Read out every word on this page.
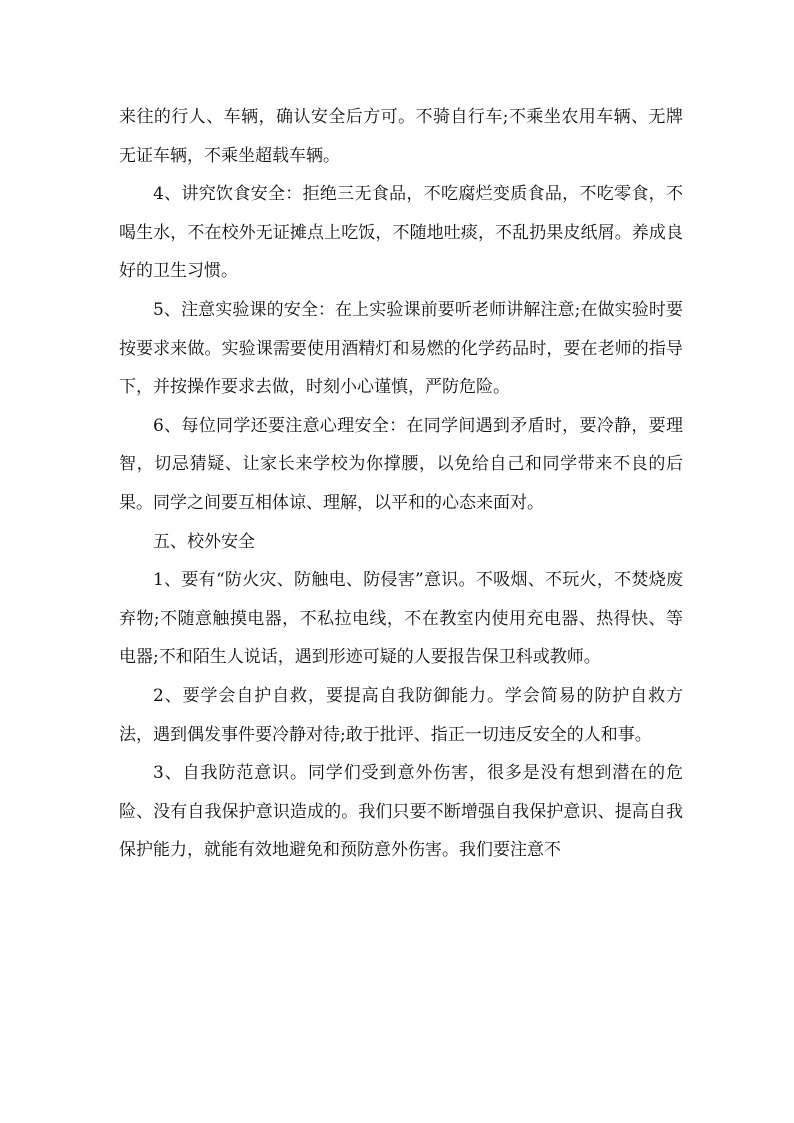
来往的行人、车辆，确认安全后方可。不骑自行车;不乘坐农用车辆、无牌无证车辆，不乘坐超载车辆。

4、讲究饮食安全：拒绝三无食品，不吃腐烂变质食品，不吃零食，不喝生水，不在校外无证摊点上吃饭，不随地吐痰，不乱扔果皮纸屑。养成良好的卫生习惯。

5、注意实验课的安全：在上实验课前要听老师讲解注意;在做实验时要按要求来做。实验课需要使用酒精灯和易燃的化学药品时，要在老师的指导下，并按操作要求去做，时刻小心谨慎，严防危险。

6、每位同学还要注意心理安全：在同学间遇到矛盾时，要冷静，要理智，切忌猜疑、让家长来学校为你撑腰，以免给自己和同学带来不良的后果。同学之间要互相体谅、理解，以平和的心态来面对。

五、校外安全

1、要有“防火灾、防触电、防侵害”意识。不吸烟、不玩火，不焚烧废弃物;不随意触摸电器，不私拉电线，不在教室内使用充电器、热得快、等电器;不和陌生人说话，遇到形迹可疑的人要报告保卫科或教师。

2、要学会自护自救，要提高自我防御能力。学会简易的防护自救方法，遇到偶发事件要冷静对待;敢于批评、指正一切违反安全的人和事。

3、自我防范意识。同学们受到意外伤害，很多是没有想到潜在的危险、没有自我保护意识造成的。我们只要不断增强自我保护意识、提高自我保护能力，就能有效地避免和预防意外伤害。我们要注意不
